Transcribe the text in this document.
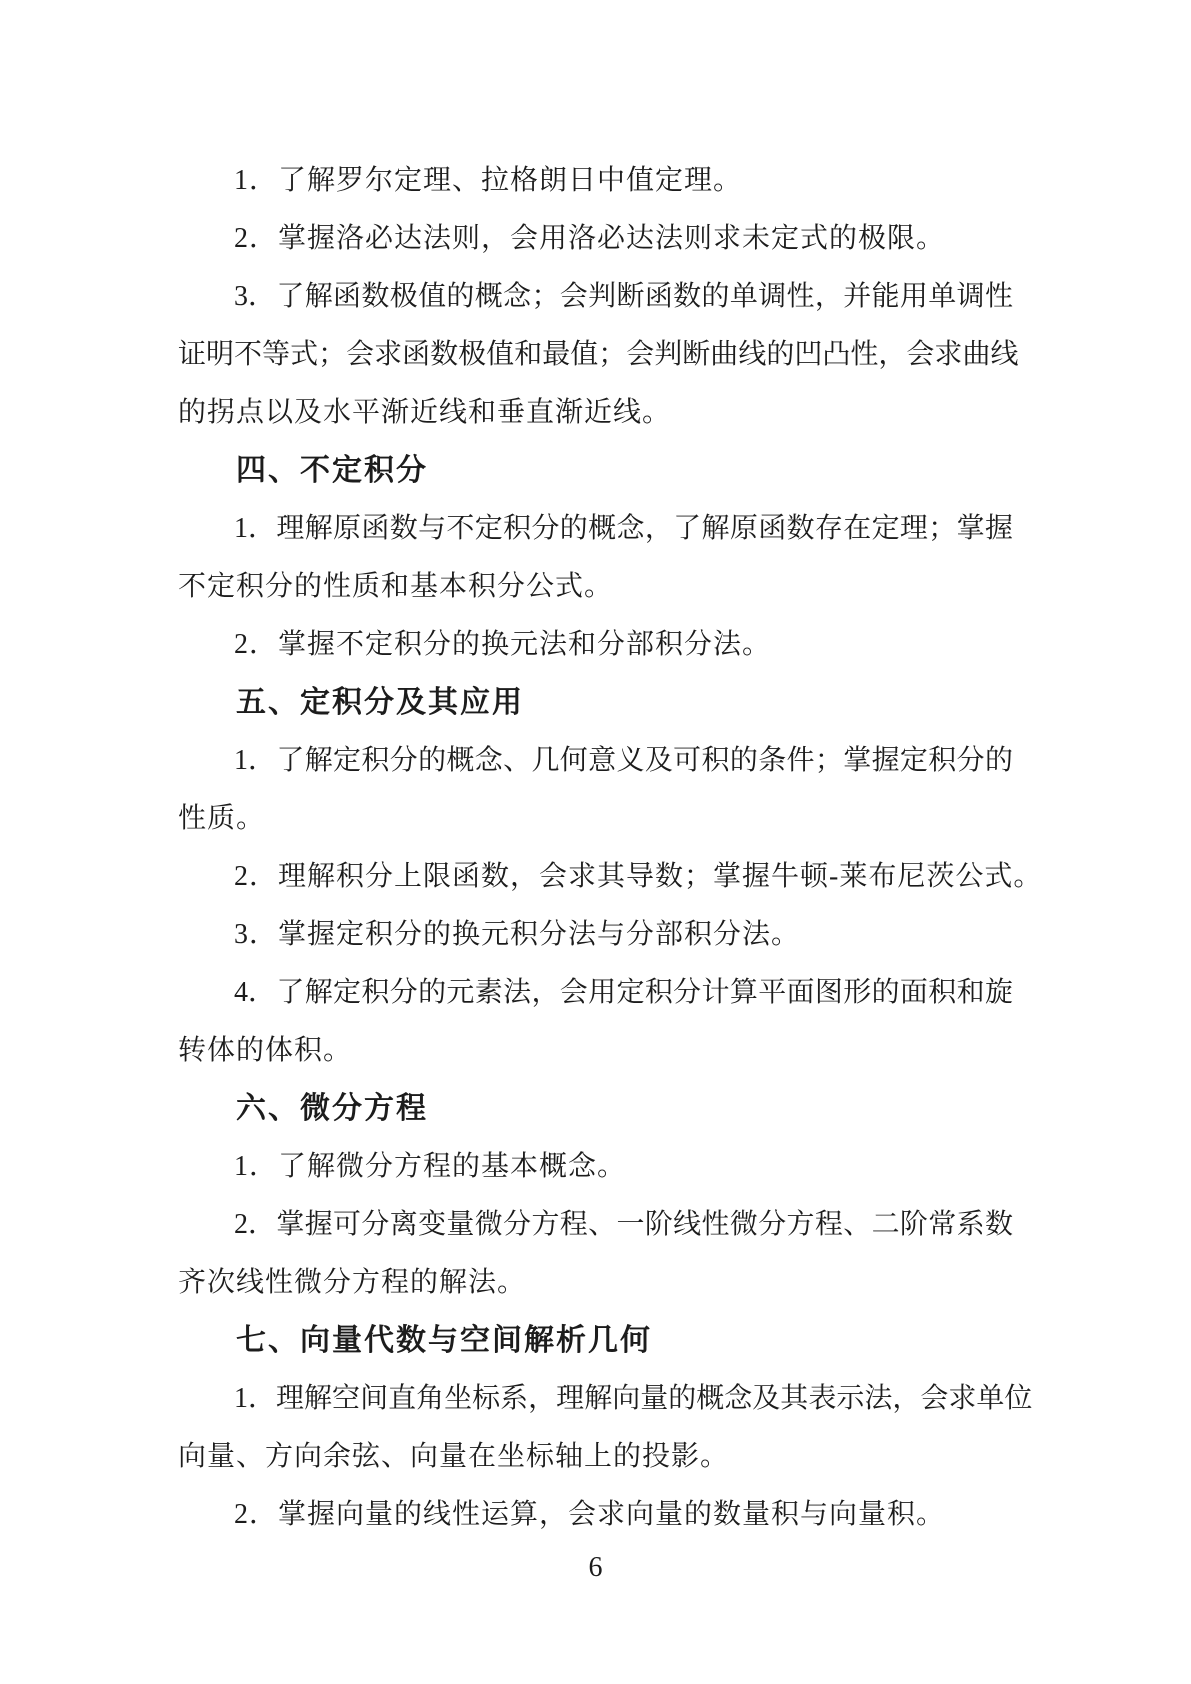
1．了解罗尔定理、拉格朗日中值定理。
2．掌握洛必达法则，会用洛必达法则求未定式的极限。
3． 了 解 函 数 极 值 的 概 念 ； 会 判 断 函 数 的 单 调 性 ， 并 能 用 单 调 性
证 明 不 等 式 ； 会 求 函 数 极 值 和 最 值 ； 会 判 断 曲 线 的 凹 凸 性 ， 会 求 曲 线
的拐点以及水平渐近线和垂直渐近线。
四、不定积分
1． 理 解 原 函 数 与 不 定 积 分 的 概 念 ， 了 解 原 函 数 存 在 定 理 ； 掌 握
不定积分的性质和基本积分公式。
2．掌握不定积分的换元法和分部积分法。
五、定积分及其应用
1． 了 解 定 积 分 的 概 念 、 几 何 意 义 及 可 积 的 条 件 ； 掌 握 定 积 分 的
性质。
2．理解积分上限函数，会求其导数；掌握牛顿-莱布尼茨公式。
3．掌握定积分的换元积分法与分部积分法。
4． 了 解 定 积 分 的 元 素 法 ， 会 用 定 积 分 计 算 平 面 图 形 的 面 积 和 旋
转体的体积。
六、微分方程
1．了解微分方程的基本概念。
2． 掌 握 可 分 离 变 量 微 分 方 程 、 一 阶 线 性 微 分 方 程 、 二 阶 常 系 数
齐次线性微分方程的解法。
七、向量代数与空间解析几何
1． 理 解 空 间 直 角 坐 标 系 ， 理 解 向 量 的 概 念 及 其 表 示 法 ， 会 求 单 位
向量、方向余弦、向量在坐标轴上的投影。
2．掌握向量的线性运算，会求向量的数量积与向量积。
6
